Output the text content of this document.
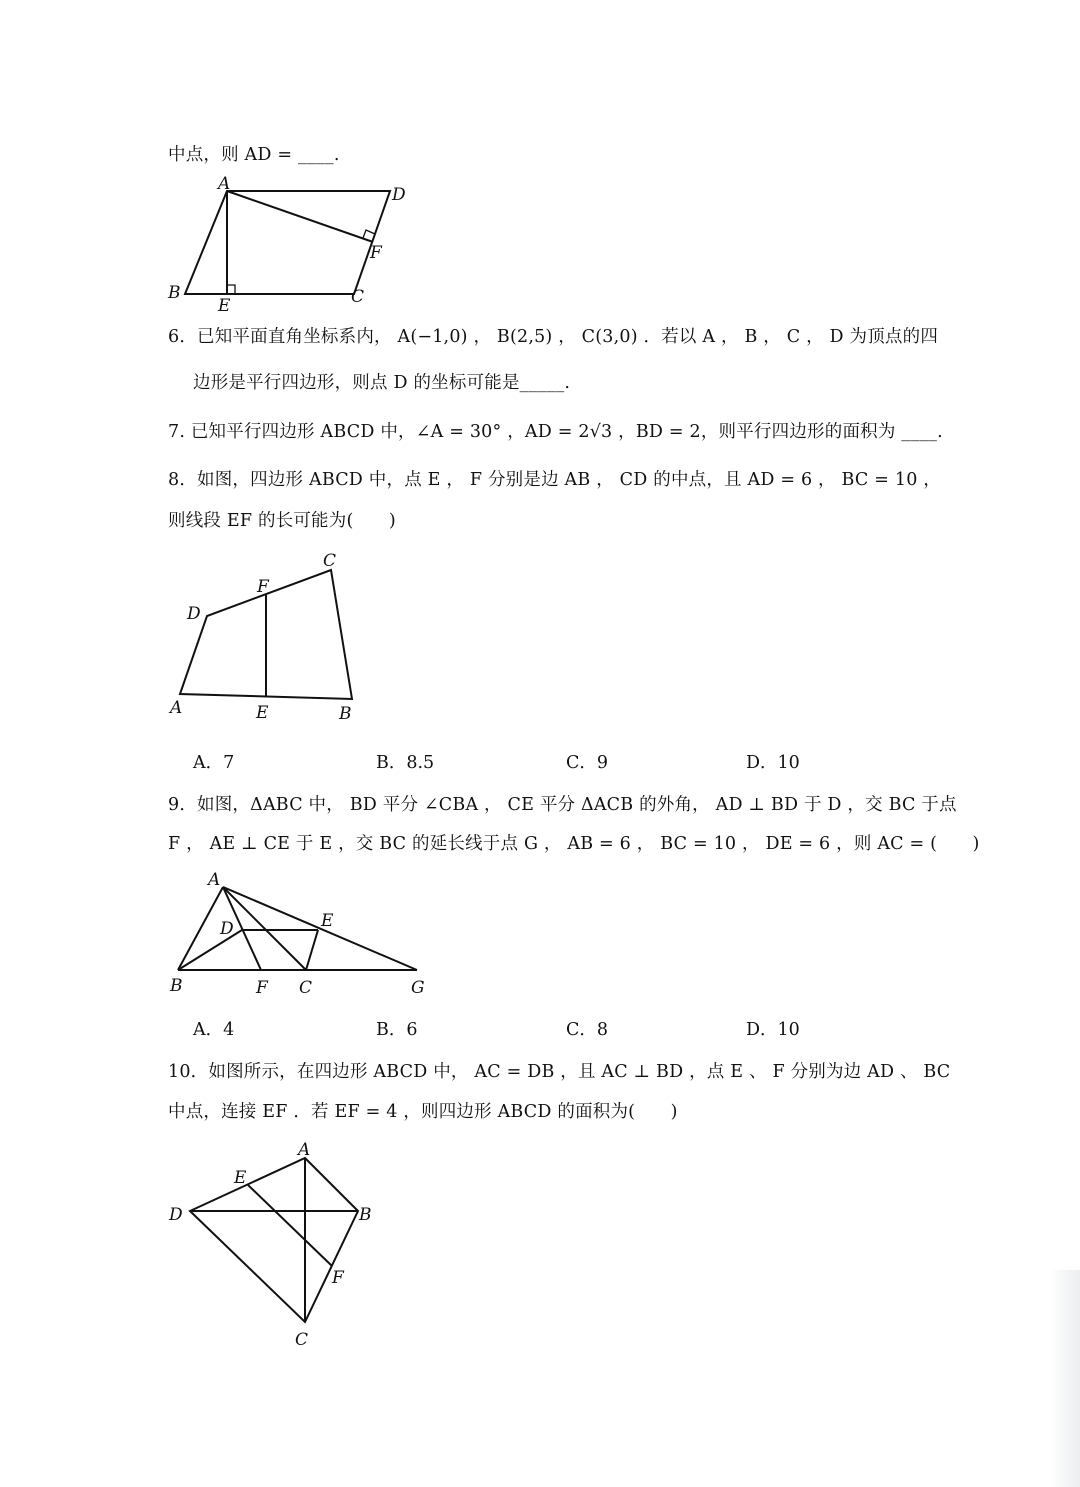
中点，则 AD = ____.
A
D
F
B
E	C
6．已知平面直角坐标系内， A(−1,0) ， B(2,5) ， C(3,0) ．若以 A ， B ， C ， D 为顶点的四
边形是平行四边形，则点 D 的坐标可能是_____.
7. 已知平行四边形 ABCD 中，∠A = 30° ，AD = 2√3 ，BD = 2，则平行四边形的面积为 ____.
8．如图，四边形 ABCD 中，点 E ， F 分别是边 AB ， CD 的中点，且 AD = 6 ， BC = 10 ，
则线段 EF 的长可能为(　　)
C
F
D
A	E	B
A．7	B．8.5	C．9	D．10
9．如图，ΔABC 中， BD 平分 ∠CBA ， CE 平分 ΔACB 的外角， AD ⊥ BD 于 D ，交 BC 于点
F ， AE ⊥ CE 于 E ，交 BC 的延长线于点 G ， AB = 6 ， BC = 10 ， DE = 6 ，则 AC = (　　)
A
D	E
B	F C	G
A．4	B．6	C．8	D．10
10．如图所示，在四边形 ABCD 中， AC = DB ，且 AC ⊥ BD ，点 E 、 F 分别为边 AD 、 BC
中点，连接 EF ．若 EF = 4 ，则四边形 ABCD 的面积为(　　)
A
E
D	B
F
C
